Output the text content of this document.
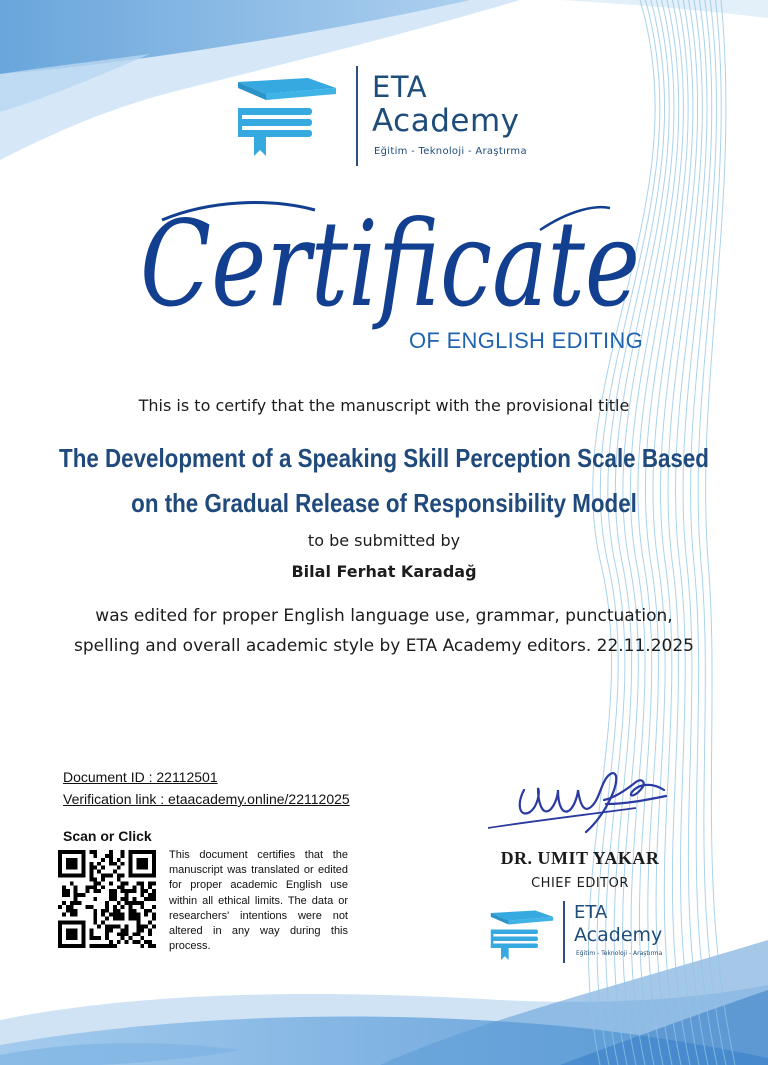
ETA
Academy
Eğitim - Teknoloji - Araştırma
Certificate
OF ENGLISH EDITING
This is to certify that the manuscript with the provisional title
The Development of a Speaking Skill Perception Scale Based
on the Gradual Release of Responsibility Model
to be submitted by
Bilal Ferhat Karadağ
was edited for proper English language use, grammar, punctuation,
spelling and overall academic style by ETA Academy editors. 22.11.2025
Document ID : 22112501
Verification link : etaacademy.online/22112025
Scan or Click
This document certifies that the manuscript was translated or edited for proper academic English use within all ethical limits. The data or researchers' intentions were not altered in any way during this process.
DR. UMIT YAKAR
CHIEF EDITOR
ETA
Academy
Eğitim - Teknoloji - Araştırma
